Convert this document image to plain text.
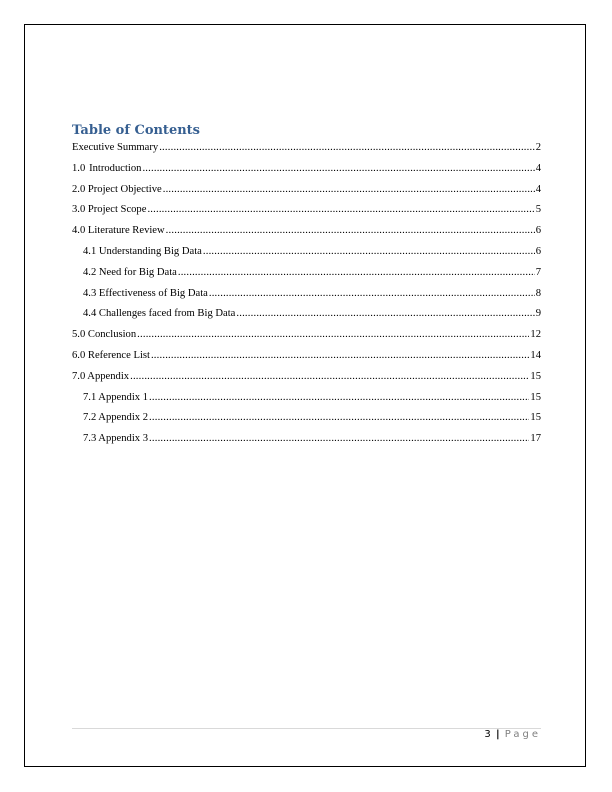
Table of Contents
Executive Summary .....	2
1.0 Introduction .....	4
2.0 Project Objective .....	4
3.0 Project Scope .....	5
4.0 Literature Review .....	6
4.1 Understanding Big Data .....	6
4.2 Need for Big Data .....	7
4.3 Effectiveness of Big Data .....	8
4.4 Challenges faced from Big Data .....	9
5.0 Conclusion .....	12
6.0 Reference List .....	14
7.0 Appendix .....	15
7.1 Appendix 1 .....	15
7.2 Appendix 2 .....	15
7.3 Appendix 3 .....	17
3 | Page
